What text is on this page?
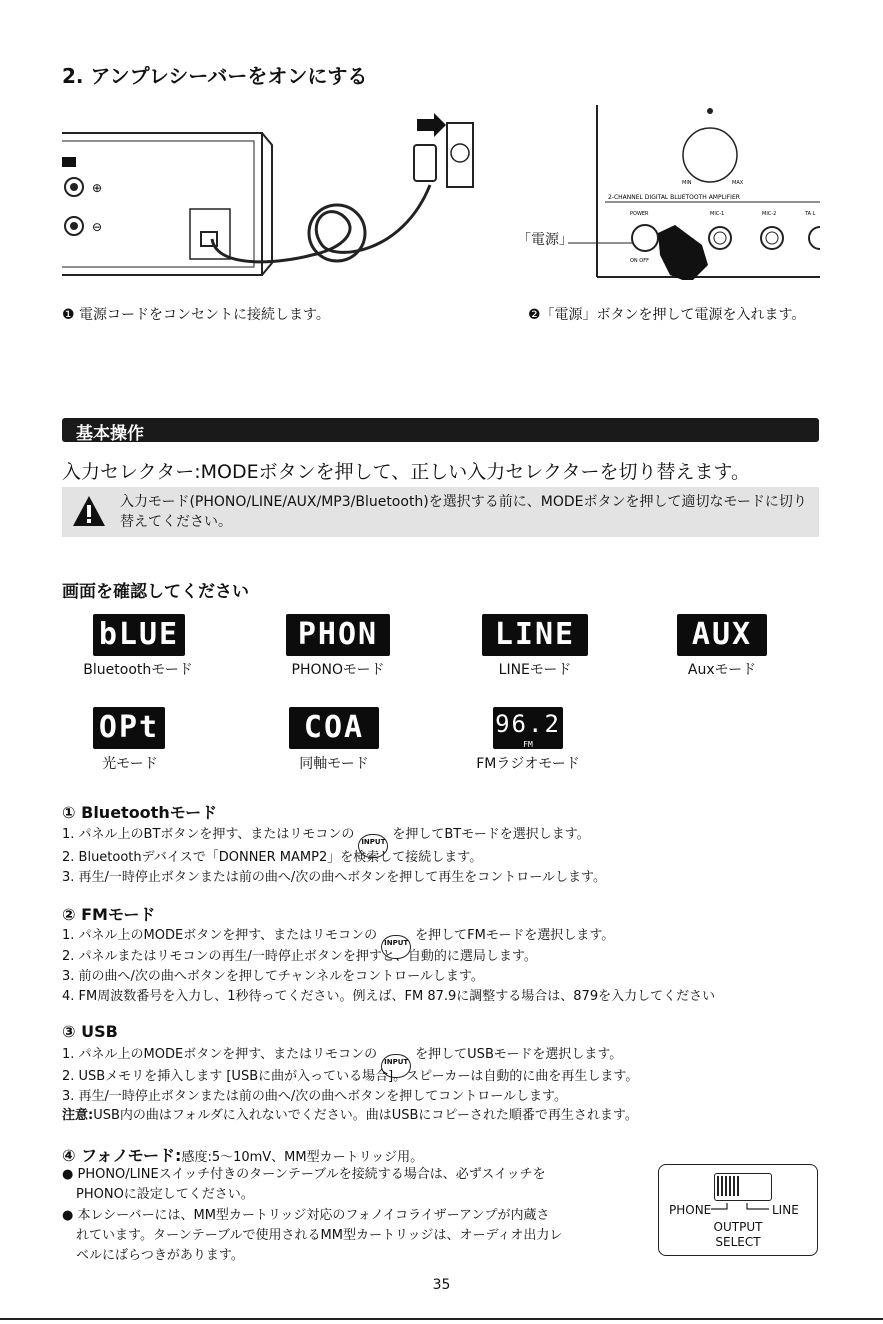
2. アンプレシーバーをオンにする
⊕
⊖
MIN	MAX
2-CHANNEL DIGITAL BLUETOOTH AMPLIFIER
POWER	MIC-1	MIC-2	TA L
ON OFF
「電源」
❶ 電源コードをコンセントに接続します。	❷「電源」ボタンを押して電源を入れます。
基本操作
入力セレクター:MODEボタンを押して、正しい入力セレクターを切り替えます。
入力モード(PHONO/LINE/AUX/MP3/Bluetooth)を選択する前に、MODEボタンを押して適切なモードに切り替えてください。
画面を確認してください
bLUE
Bluetoothモード
PHON
PHONOモード
LINE
LINEモード
AUX
Auxモード
OPt
光モード
COA
同軸モード
96.2
FM
FMラジオモード
① Bluetoothモード
1. パネル上のBTボタンを押す、またはリモコンの INPUT を押してBTモードを選択します。
2. Bluetoothデバイスで「DONNER MAMP2」を検索して接続します。
3. 再生/一時停止ボタンまたは前の曲へ/次の曲へボタンを押して再生をコントロールします。
② FMモード
1. パネル上のMODEボタンを押す、またはリモコンの INPUT を押してFMモードを選択します。
2. パネルまたはリモコンの再生/一時停止ボタンを押すと、自動的に選局します。
3. 前の曲へ/次の曲へボタンを押してチャンネルをコントロールします。
4. FM周波数番号を入力し、1秒待ってください。例えば、FM 87.9に調整する場合は、879を入力してください
③ USB
1. パネル上のMODEボタンを押す、またはリモコンの INPUT を押してUSBモードを選択します。
2. USBメモリを挿入します [USBに曲が入っている場合]。スピーカーは自動的に曲を再生します。
3. 再生/一時停止ボタンまたは前の曲へ/次の曲へボタンを押してコントロールします。
注意:USB内の曲はフォルダに入れないでください。曲はUSBにコピーされた順番で再生されます。
④ フォノモード:感度:5〜10mV、MM型カートリッジ用。
● PHONO/LINEスイッチ付きのターンテーブルを接続する場合は、必ずスイッチを
PHONOに設定してください。
● 本レシーバーには、MM型カートリッジ対応のフォノイコライザーアンプが内蔵さ
れています。ターンテーブルで使用されるMM型カートリッジは、オーディオ出力レ
ベルにばらつきがあります。
PHONE	LINE
OUTPUT
SELECT
35
